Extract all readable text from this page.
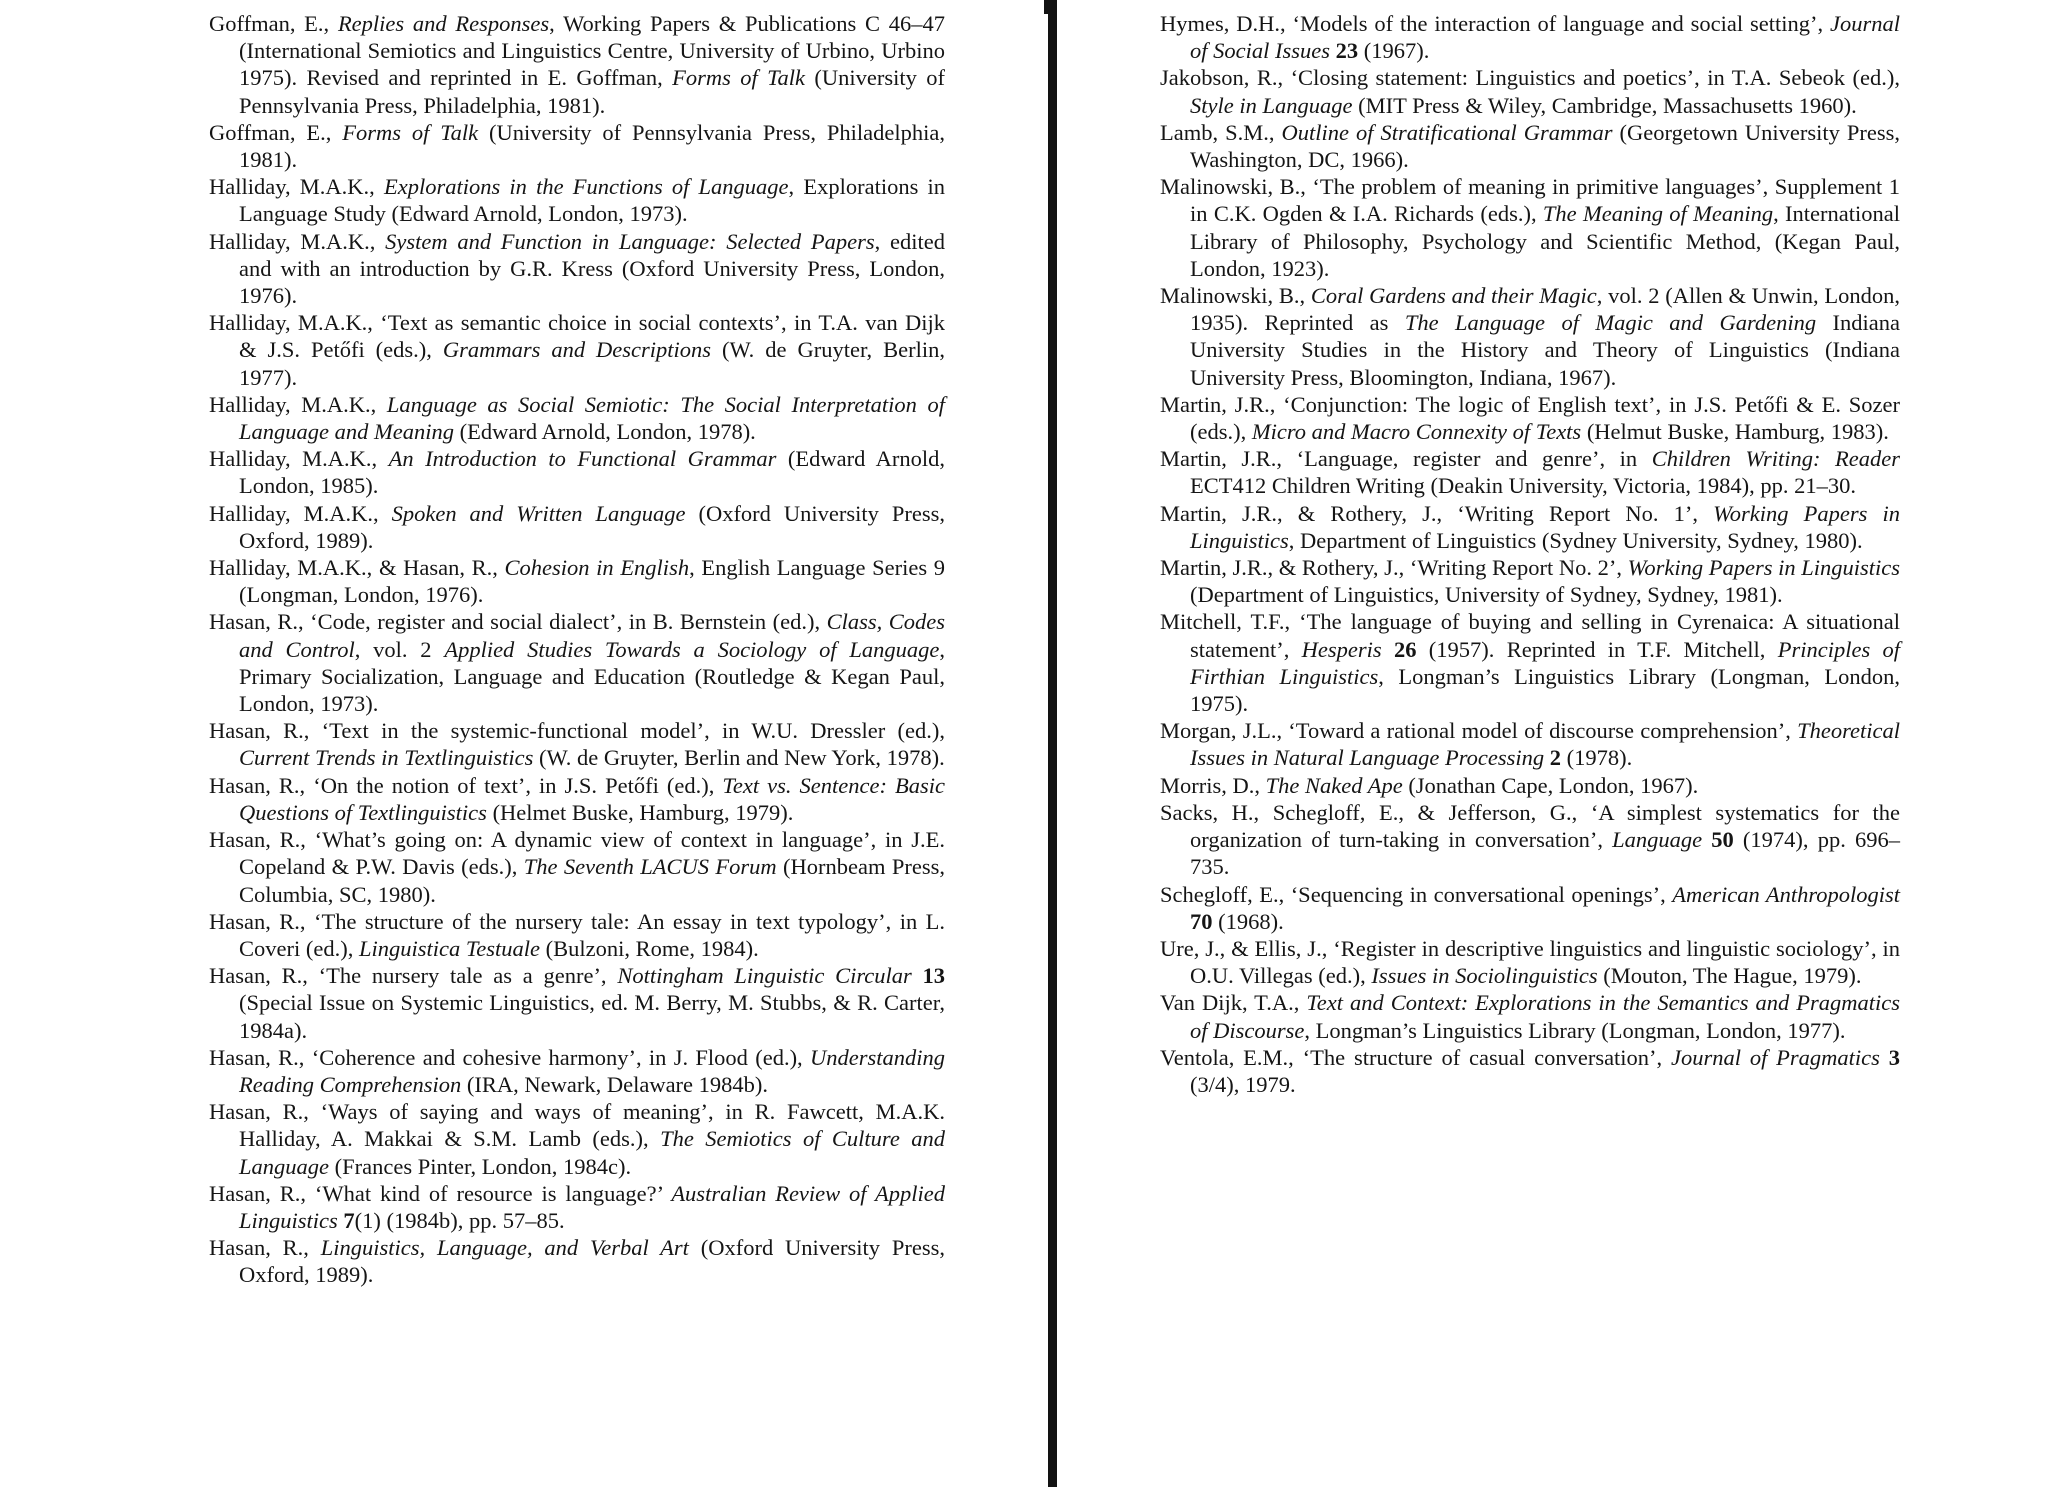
Goffman, E., Replies and Responses, Working Papers & Publications C 46–47 (International Semiotics and Linguistics Centre, University of Urbino, Urbino 1975). Revised and reprinted in E. Goffman, Forms of Talk (University of Pennsylvania Press, Philadelphia, 1981).

Goffman, E., Forms of Talk (University of Pennsylvania Press, Philadelphia, 1981).

Halliday, M.A.K., Explorations in the Functions of Language, Explorations in Language Study (Edward Arnold, London, 1973).

Halliday, M.A.K., System and Function in Language: Selected Papers, edited and with an introduction by G.R. Kress (Oxford University Press, London, 1976).

Halliday, M.A.K., ‘Text as semantic choice in social contexts’, in T.A. van Dijk & J.S. Petőfi (eds.), Grammars and Descriptions (W. de Gruyter, Berlin, 1977).

Halliday, M.A.K., Language as Social Semiotic: The Social Interpretation of Language and Meaning (Edward Arnold, London, 1978).

Halliday, M.A.K., An Introduction to Functional Grammar (Edward Arnold, London, 1985).

Halliday, M.A.K., Spoken and Written Language (Oxford University Press, Oxford, 1989).

Halliday, M.A.K., & Hasan, R., Cohesion in English, English Language Series 9 (Longman, London, 1976).

Hasan, R., ‘Code, register and social dialect’, in B. Bernstein (ed.), Class, Codes and Control, vol. 2 Applied Studies Towards a Sociology of Language, Primary Socialization, Language and Education (Routledge & Kegan Paul, London, 1973).

Hasan, R., ‘Text in the systemic-functional model’, in W.U. Dressler (ed.), Current Trends in Textlinguistics (W. de Gruyter, Berlin and New York, 1978).

Hasan, R., ‘On the notion of text’, in J.S. Petőfi (ed.), Text vs. Sentence: Basic Questions of Textlinguistics (Helmet Buske, Hamburg, 1979).

Hasan, R., ‘What’s going on: A dynamic view of context in language’, in J.E. Copeland & P.W. Davis (eds.), The Seventh LACUS Forum (Hornbeam Press, Columbia, SC, 1980).

Hasan, R., ‘The structure of the nursery tale: An essay in text typology’, in L. Coveri (ed.), Linguistica Testuale (Bulzoni, Rome, 1984).

Hasan, R., ‘The nursery tale as a genre’, Nottingham Linguistic Circular 13 (Special Issue on Systemic Linguistics, ed. M. Berry, M. Stubbs, & R. Carter, 1984a).

Hasan, R., ‘Coherence and cohesive harmony’, in J. Flood (ed.), Understanding Reading Comprehension (IRA, Newark, Delaware 1984b).

Hasan, R., ‘Ways of saying and ways of meaning’, in R. Fawcett, M.A.K. Halliday, A. Makkai & S.M. Lamb (eds.), The Semiotics of Culture and Language (Frances Pinter, London, 1984c).

Hasan, R., ‘What kind of resource is language?’ Australian Review of Applied Linguistics 7(1) (1984b), pp. 57–85.

Hasan, R., Linguistics, Language, and Verbal Art (Oxford University Press, Oxford, 1989).

Hymes, D.H., ‘Models of the interaction of language and social setting’, Journal of Social Issues 23 (1967).

Jakobson, R., ‘Closing statement: Linguistics and poetics’, in T.A. Sebeok (ed.), Style in Language (MIT Press & Wiley, Cambridge, Massachusetts 1960).

Lamb, S.M., Outline of Stratificational Grammar (Georgetown University Press, Washington, DC, 1966).

Malinowski, B., ‘The problem of meaning in primitive languages’, Supplement 1 in C.K. Ogden & I.A. Richards (eds.), The Meaning of Meaning, International Library of Philosophy, Psychology and Scientific Method, (Kegan Paul, London, 1923).

Malinowski, B., Coral Gardens and their Magic, vol. 2 (Allen & Unwin, London, 1935). Reprinted as The Language of Magic and Gardening Indiana University Studies in the History and Theory of Linguistics (Indiana University Press, Bloomington, Indiana, 1967).

Martin, J.R., ‘Conjunction: The logic of English text’, in J.S. Petőfi & E. Sozer (eds.), Micro and Macro Connexity of Texts (Helmut Buske, Hamburg, 1983).

Martin, J.R., ‘Language, register and genre’, in Children Writing: Reader ECT412 Children Writing (Deakin University, Victoria, 1984), pp. 21–30.

Martin, J.R., & Rothery, J., ‘Writing Report No. 1’, Working Papers in Linguistics, Department of Linguistics (Sydney University, Sydney, 1980).

Martin, J.R., & Rothery, J., ‘Writing Report No. 2’, Working Papers in Linguistics (Department of Linguistics, University of Sydney, Sydney, 1981).

Mitchell, T.F., ‘The language of buying and selling in Cyrenaica: A situational statement’, Hesperis 26 (1957). Reprinted in T.F. Mitchell, Principles of Firthian Linguistics, Longman’s Linguistics Library (Longman, London, 1975).

Morgan, J.L., ‘Toward a rational model of discourse comprehension’, Theoretical Issues in Natural Language Processing 2 (1978).

Morris, D., The Naked Ape (Jonathan Cape, London, 1967).

Sacks, H., Schegloff, E., & Jefferson, G., ‘A simplest systematics for the organization of turn-taking in conversation’, Language 50 (1974), pp. 696–735.

Schegloff, E., ‘Sequencing in conversational openings’, American Anthropologist 70 (1968).

Ure, J., & Ellis, J., ‘Register in descriptive linguistics and linguistic sociology’, in O.U. Villegas (ed.), Issues in Sociolinguistics (Mouton, The Hague, 1979).

Van Dijk, T.A., Text and Context: Explorations in the Semantics and Pragmatics of Discourse, Longman’s Linguistics Library (Longman, London, 1977).

Ventola, E.M., ‘The structure of casual conversation’, Journal of Pragmatics 3 (3/4), 1979.
